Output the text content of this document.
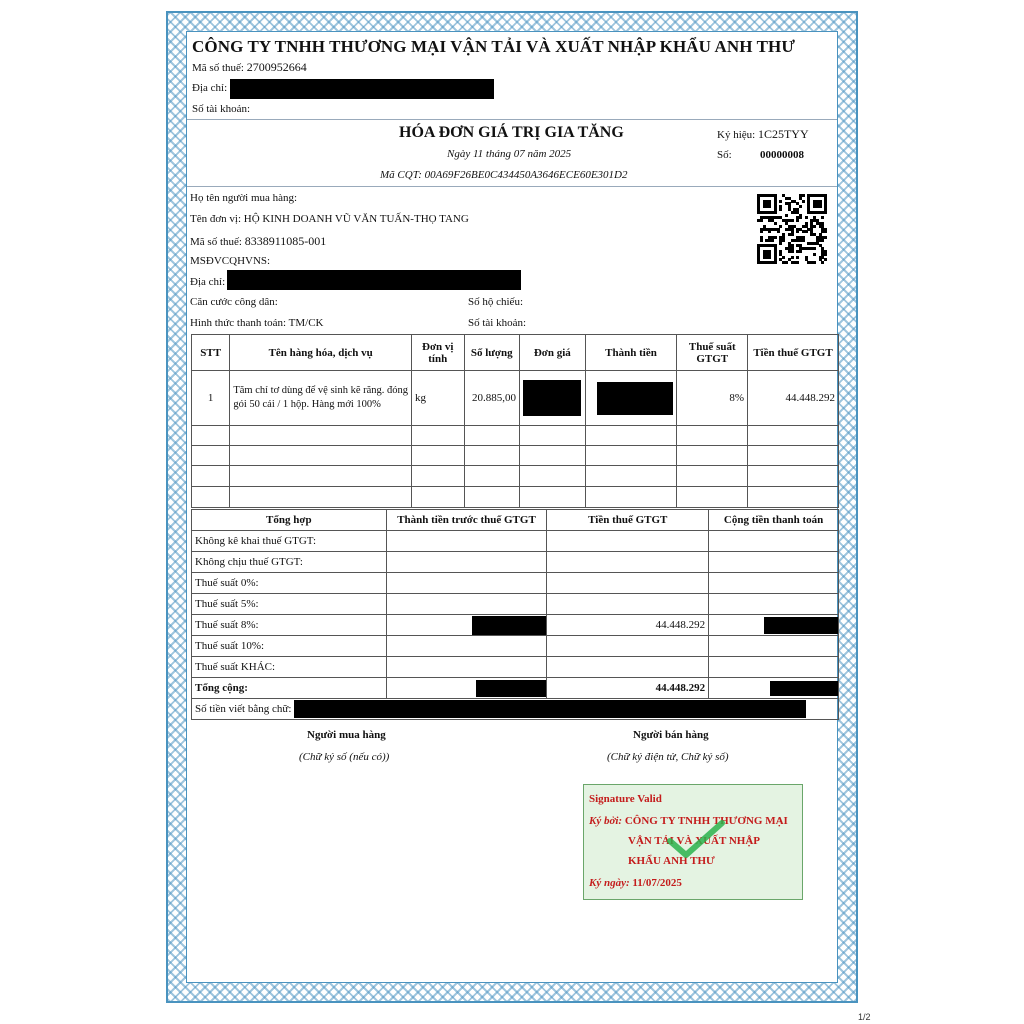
CÔNG TY TNHH THƯƠNG MẠI VẬN TẢI VÀ XUẤT NHẬP KHẨU ANH THƯ
Mã số thuế: 2700952664
Địa chỉ:
Số tài khoản:
HÓA ĐƠN GIÁ TRỊ GIA TĂNG
Ngày 11 tháng 07 năm 2025
Mã CQT: 00A69F26BE0C434450A3646ECE60E301D2
Ký hiệu: 1C25TYY
Số:	00000008
Họ tên người mua hàng:
Tên đơn vị: HỘ KINH DOANH VŨ VĂN TUẤN-THỌ TANG
Mã số thuế: 8338911085-001
MSĐVCQHVNS:
Địa chỉ:
Căn cước công dân:	Số hộ chiếu:
Hình thức thanh toán: TM/CK	Số tài khoản:
STT	Tên hàng hóa, dịch vụ	Đơn vị tính	Số lượng	Đơn giá	Thành tiền	Thuế suất GTGT	Tiền thuế GTGT
1	Tăm chỉ tơ dùng để vệ sinh kẽ răng. đóng gói 50 cái / 1 hộp. Hàng mới 100%	kg	20.885,00			8%	44.448.292

Tổng hợp	Thành tiền trước thuế GTGT	Tiền thuế GTGT	Cộng tiền thanh toán
Không kê khai thuế GTGT:			
Không chịu thuế GTGT:			
Thuế suất 0%:			
Thuế suất 5%:			
Thuế suất 8%:		44.448.292	

Thuế suất 10%:			
Thuế suất KHÁC:			
Tổng cộng:		44.448.292	

Số tiền viết bằng chữ:			
Người mua hàng
(Chữ ký số (nếu có))
Người bán hàng
(Chữ ký điện tử, Chữ ký số)
Signature Valid
Ký bởi: CÔNG TY TNHH THƯƠNG MẠI
VẬN TẢI VÀ XUẤT NHẬP
KHẨU ANH THƯ
Ký ngày: 11/07/2025
1/2
